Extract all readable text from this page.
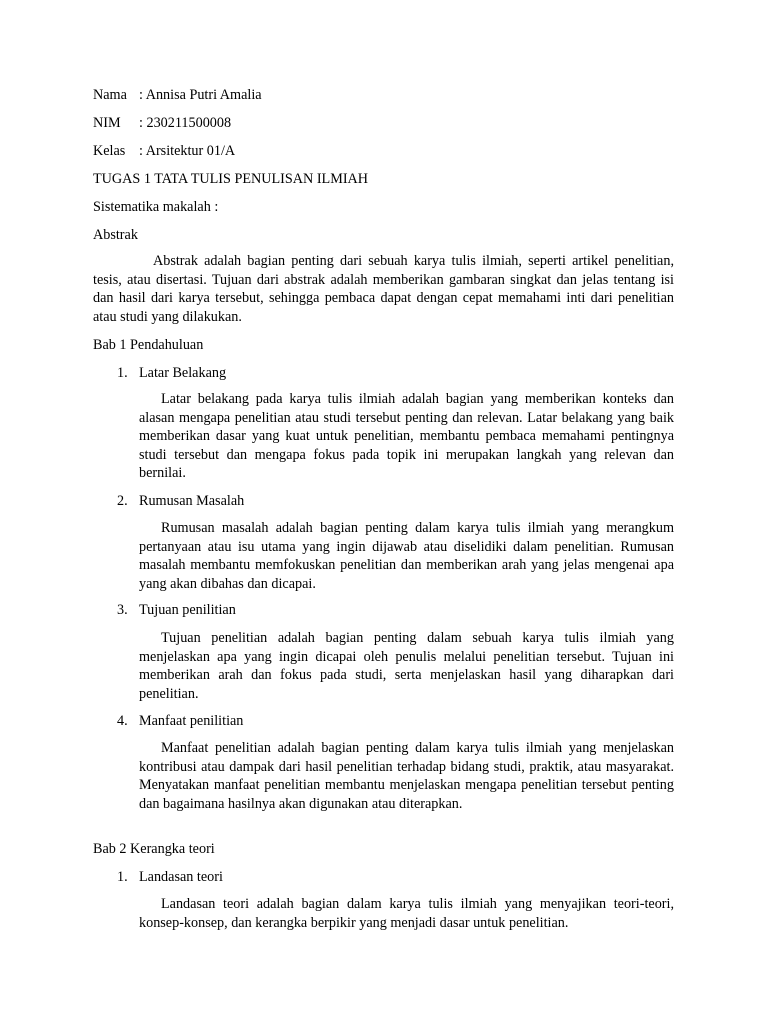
Nama : Annisa Putri Amalia

NIM : 230211500008

Kelas : Arsitektur 01/A

TUGAS 1 TATA TULIS PENULISAN ILMIAH

Sistematika makalah :

Abstrak

Abstrak adalah bagian penting dari sebuah karya tulis ilmiah, seperti artikel penelitian, tesis, atau disertasi. Tujuan dari abstrak adalah memberikan gambaran singkat dan jelas tentang isi dan hasil dari karya tersebut, sehingga pembaca dapat dengan cepat memahami inti dari penelitian atau studi yang dilakukan.

Bab 1 Pendahuluan

1. Latar Belakang

Latar belakang pada karya tulis ilmiah adalah bagian yang memberikan konteks dan alasan mengapa penelitian atau studi tersebut penting dan relevan. Latar belakang yang baik memberikan dasar yang kuat untuk penelitian, membantu pembaca memahami pentingnya studi tersebut dan mengapa fokus pada topik ini merupakan langkah yang relevan dan bernilai.

2. Rumusan Masalah

Rumusan masalah adalah bagian penting dalam karya tulis ilmiah yang merangkum pertanyaan atau isu utama yang ingin dijawab atau diselidiki dalam penelitian. Rumusan masalah membantu memfokuskan penelitian dan memberikan arah yang jelas mengenai apa yang akan dibahas dan dicapai.

3. Tujuan penilitian

Tujuan penelitian adalah bagian penting dalam sebuah karya tulis ilmiah yang menjelaskan apa yang ingin dicapai oleh penulis melalui penelitian tersebut. Tujuan ini memberikan arah dan fokus pada studi, serta menjelaskan hasil yang diharapkan dari penelitian.

4. Manfaat penilitian

Manfaat penelitian adalah bagian penting dalam karya tulis ilmiah yang menjelaskan kontribusi atau dampak dari hasil penelitian terhadap bidang studi, praktik, atau masyarakat. Menyatakan manfaat penelitian membantu menjelaskan mengapa penelitian tersebut penting dan bagaimana hasilnya akan digunakan atau diterapkan.

Bab 2 Kerangka teori

1. Landasan teori

Landasan teori adalah bagian dalam karya tulis ilmiah yang menyajikan teori-teori, konsep-konsep, dan kerangka berpikir yang menjadi dasar untuk penelitian.
